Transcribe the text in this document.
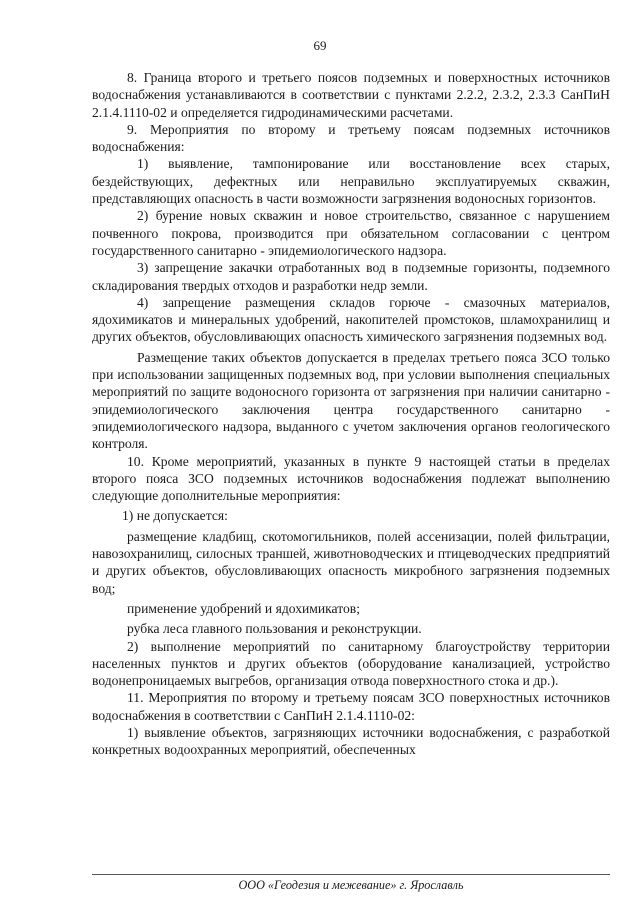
69

8. Граница второго и третьего поясов подземных и поверхностных источников водоснабжения устанавливаются в соответствии с пунктами 2.2.2, 2.3.2, 2.3.3 СанПиН 2.1.4.1110-02 и определяется гидродинамическими расчетами.

9. Мероприятия по второму и третьему поясам подземных источников водоснабжения:

1) выявление, тампонирование или восстановление всех старых, бездействующих, дефектных или неправильно эксплуатируемых скважин, представляющих опасность в части возможности загрязнения водоносных горизонтов.

2) бурение новых скважин и новое строительство, связанное с нарушением почвенного покрова, производится при обязательном согласовании с центром государственного санитарно - эпидемиологического надзора.

3) запрещение закачки отработанных вод в подземные горизонты, подземного складирования твердых отходов и разработки недр земли.

4) запрещение размещения складов горюче - смазочных материалов, ядохимикатов и минеральных удобрений, накопителей промстоков, шламохранилищ и других объектов, обусловливающих опасность химического загрязнения подземных вод.

Размещение таких объектов допускается в пределах третьего пояса ЗСО только при использовании защищенных подземных вод, при условии выполнения специальных мероприятий по защите водоносного горизонта от загрязнения при наличии санитарно - эпидемиологического заключения центра государственного санитарно - эпидемиологического надзора, выданного с учетом заключения органов геологического контроля.

10. Кроме мероприятий, указанных в пункте 9 настоящей статьи в пределах второго пояса ЗСО подземных источников водоснабжения подлежат выполнению следующие дополнительные мероприятия:

1) не допускается:

размещение кладбищ, скотомогильников, полей ассенизации, полей фильтрации, навозохранилищ, силосных траншей, животноводческих и птицеводческих предприятий и других объектов, обусловливающих опасность микробного загрязнения подземных вод;

применение удобрений и ядохимикатов;

рубка леса главного пользования и реконструкции.

2) выполнение мероприятий по санитарному благоустройству территории населенных пунктов и других объектов (оборудование канализацией, устройство водонепроницаемых выгребов, организация отвода поверхностного стока и др.).

11. Мероприятия по второму и третьему поясам ЗСО поверхностных источников водоснабжения в соответствии с СанПиН 2.1.4.1110-02:

1) выявление объектов, загрязняющих источники водоснабжения, с разработкой конкретных водоохранных мероприятий, обеспеченных

ООО «Геодезия и межевание» г. Ярославль
